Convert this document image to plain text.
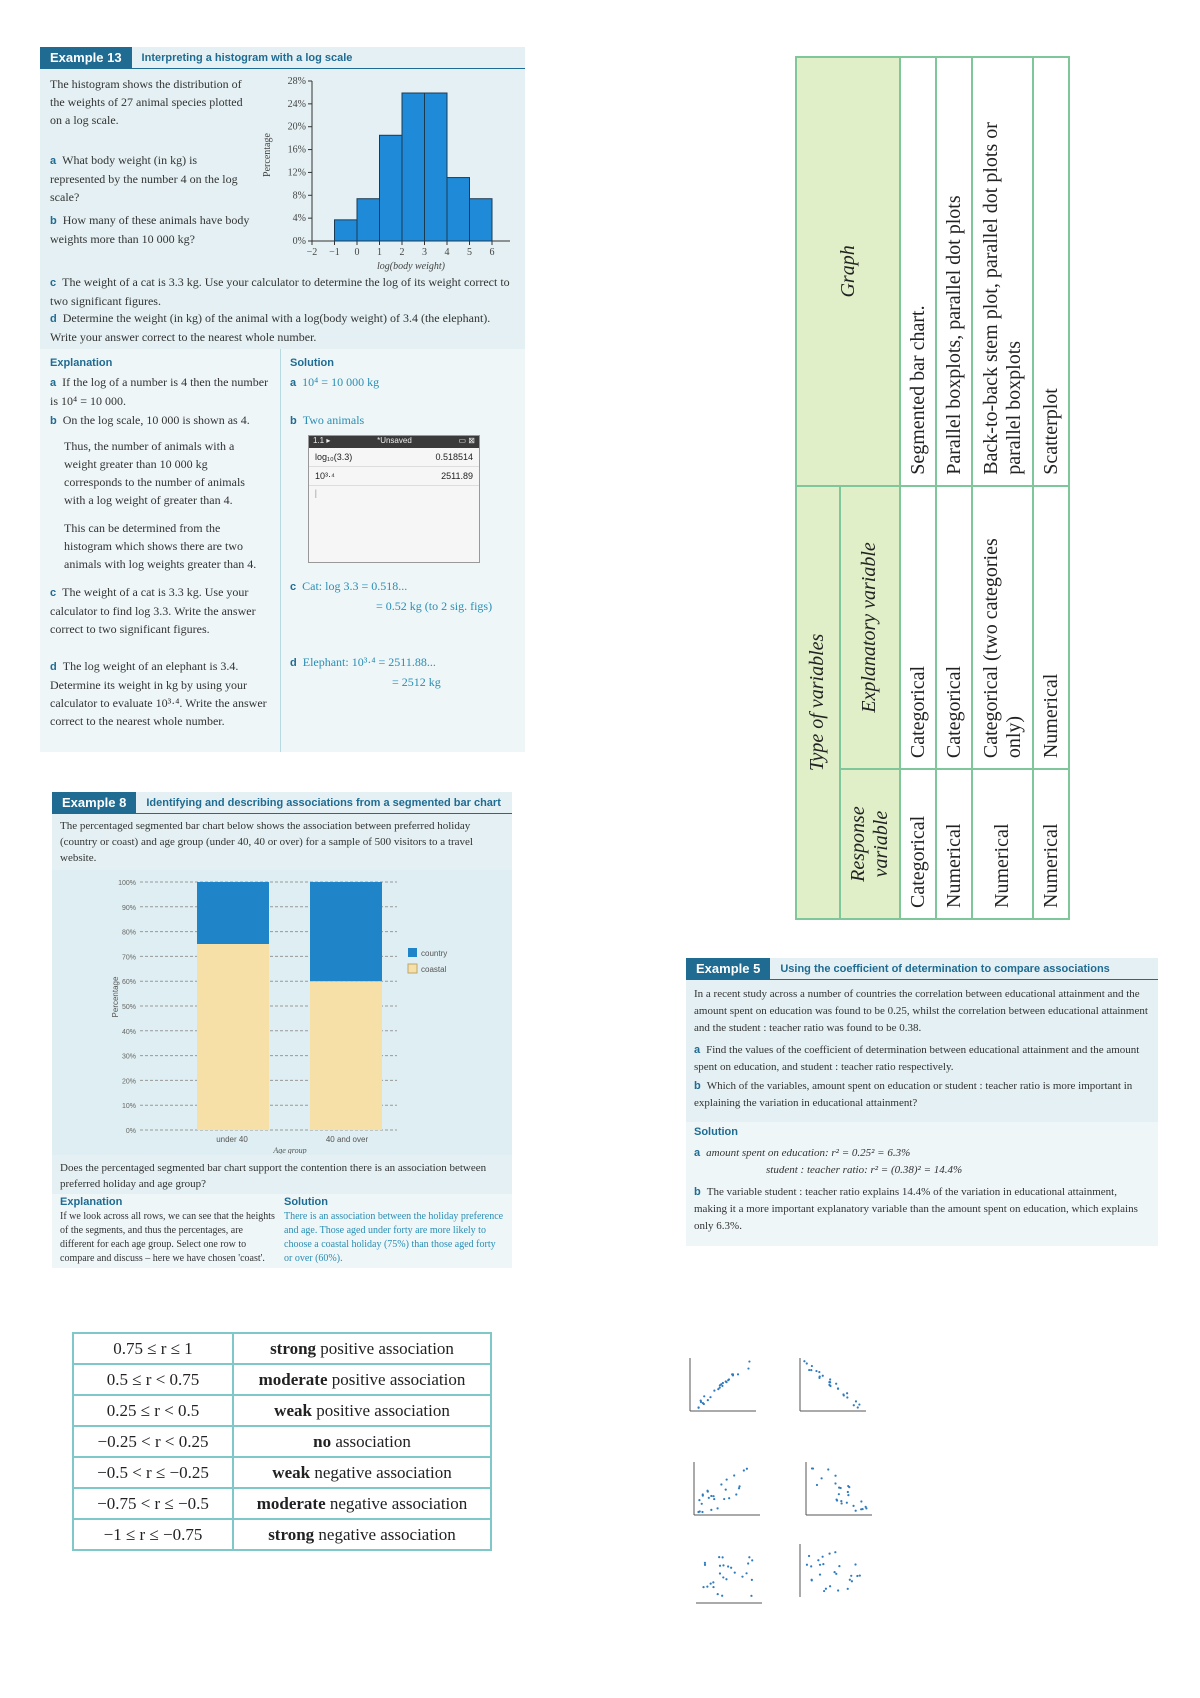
Example 13	Interpreting a histogram with a log scale
The histogram shows the distribution of the weights of 27 animal species plotted on a log scale.
a What body weight (in kg) is represented by the number 4 on the log scale?
b How many of these animals have body weights more than 10 000 kg?
Percentage
0%
4%
8%
12%
16%
20%
24%
28%
−2 −1 0 1 2 3 4 5 6
log(body weight)
c The weight of a cat is 3.3 kg. Use your calculator to determine the log of its weight correct to two significant figures.
d Determine the weight (in kg) of the animal with a log(body weight) of 3.4 (the elephant). Write your answer correct to the nearest whole number.
Explanation	Solution
a If the log of a number is 4 then the number is 10⁴ = 10 000.
b On the log scale, 10 000 is shown as 4.
Thus, the number of animals with a weight greater than 10 000 kg corresponds to the number of animals with a log weight of greater than 4.
This can be determined from the histogram which shows there are two animals with log weights greater than 4.
c The weight of a cat is 3.3 kg. Use your calculator to find log 3.3. Write the answer correct to two significant figures.
d The log weight of an elephant is 3.4. Determine its weight in kg by using your calculator to evaluate 10³·⁴. Write the answer correct to the nearest whole number.
a 10⁴ = 10 000 kg
b Two animals
1.1 ▸	*Unsaved	▭ ⊠
log₁₀(3.3)	0.518514
10³·⁴	2511.89
|
c Cat: log 3.3 = 0.518...
= 0.52 kg (to 2 sig. figs)
d Elephant: 10³·⁴ = 2511.88...
= 2512 kg
Example 8	Identifying and describing associations from a segmented bar chart
The percentaged segmented bar chart below shows the association between preferred holiday (country or coast) and age group (under 40, 40 or over) for a sample of 500 visitors to a travel website.
Percentage
0%
10%
20%
30%
40%
50%
60%
70%
80%
90%
100%
under 40	40 and over
Age group
country
coastal
Does the percentaged segmented bar chart support the contention there is an association between preferred holiday and age group?
Explanation	Solution
If we look across all rows, we can see that the heights of the segments, and thus the percentages, are different for each age group. Select one row to compare and discuss – here we have chosen 'coast'.
There is an association between the holiday preference and age. Those aged under forty are more likely to choose a coastal holiday (75%) than those aged forty or over (60%).
0.75 ≤ r ≤ 1	strong positive association
0.5 ≤ r < 0.75	moderate positive association
0.25 ≤ r < 0.5	weak positive association
−0.25 < r < 0.25	no association
−0.5 < r ≤ −0.25	weak negative association
−0.75 < r ≤ −0.5	moderate negative association
−1 ≤ r ≤ −0.75	strong negative association
Type of variables		Graph
Response variable	Explanatory variable	
Categorical	Categorical	Segmented bar chart.
Numerical	Categorical	Parallel boxplots, parallel dot plots
Numerical	Categorical (two categories only)	Back-to-back stem plot, parallel dot plots or parallel boxplots
Numerical	Numerical	Scatterplot
Example 5	Using the coefficient of determination to compare associations
In a recent study across a number of countries the correlation between educational attainment and the amount spent on education was found to be 0.25, whilst the correlation between educational attainment and the student : teacher ratio was found to be 0.38.
a Find the values of the coefficient of determination between educational attainment and the amount spent on education, and student : teacher ratio respectively.
b Which of the variables, amount spent on education or student : teacher ratio is more important in explaining the variation in educational attainment?
Solution
a amount spent on education: r² = 0.25² = 6.3%
student : teacher ratio: r² = (0.38)² = 14.4%
b The variable student : teacher ratio explains 14.4% of the variation in educational attainment, making it a more important explanatory variable than the amount spent on education, which explains only 6.3%.
